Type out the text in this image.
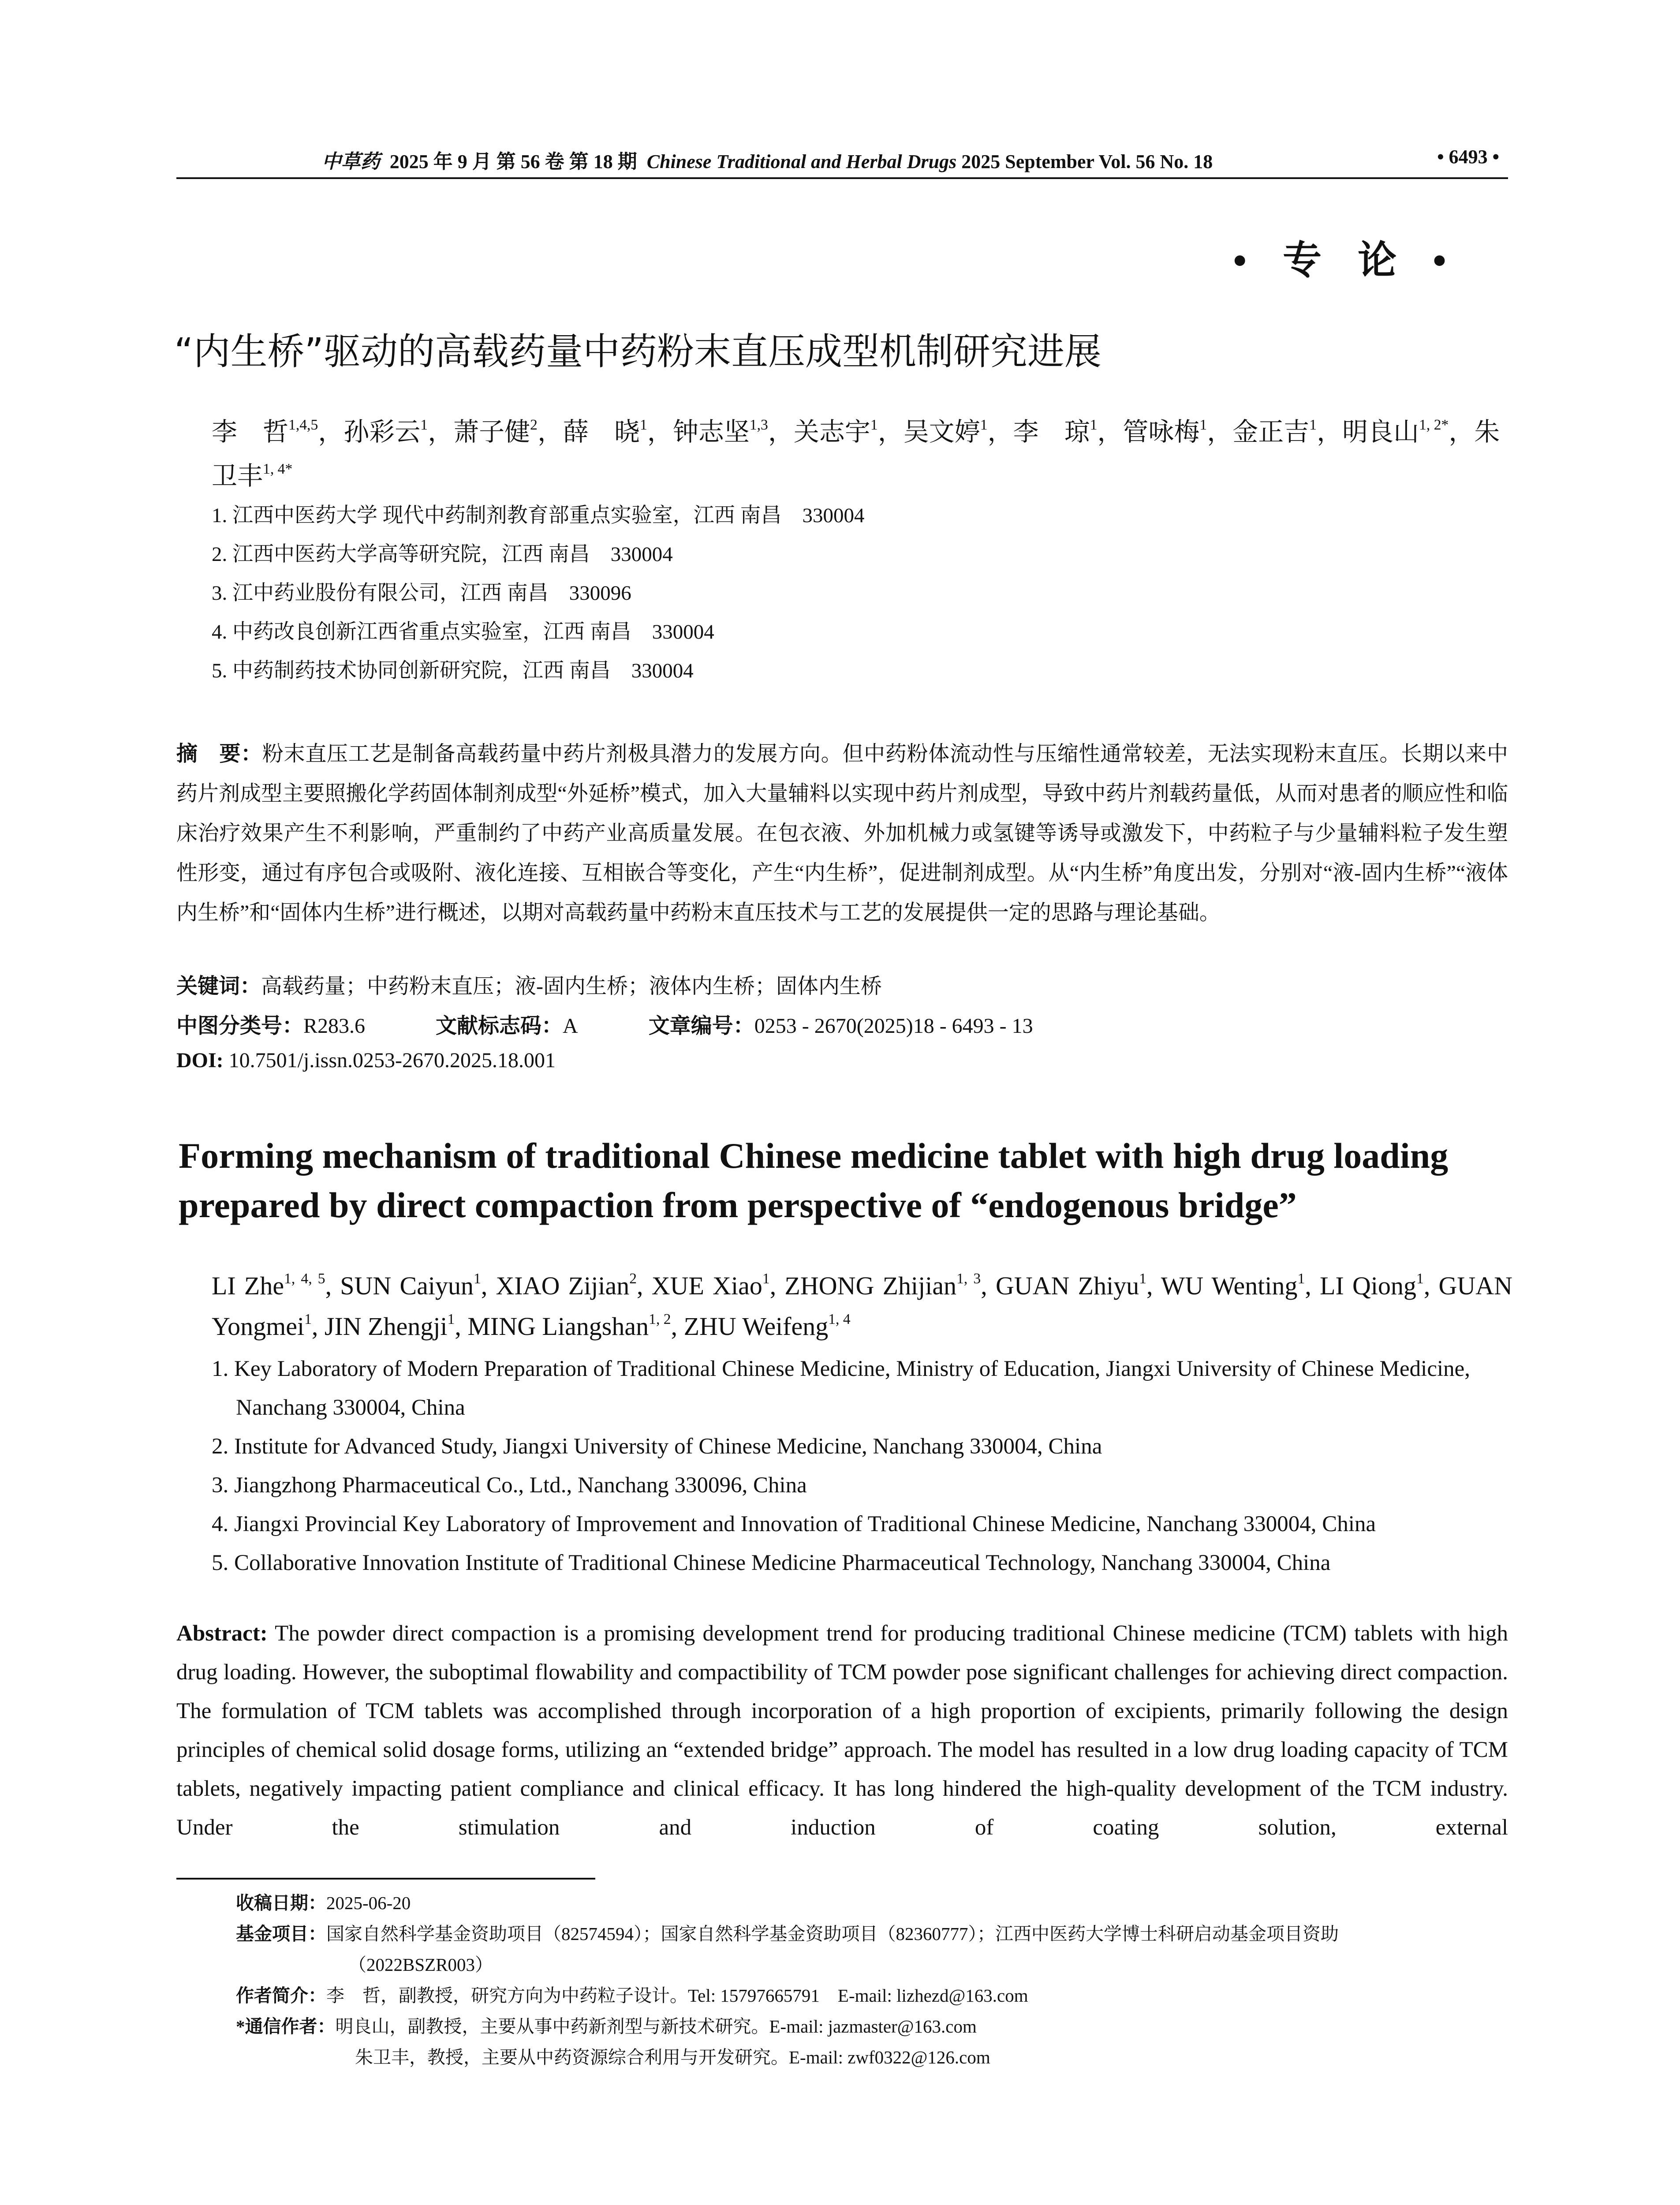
中草药 2025 年 9 月 第 56 卷 第 18 期 Chinese Traditional and Herbal Drugs 2025 September Vol. 56 No. 18	• 6493 •
• 专 论 •
“内生桥”驱动的高载药量中药粉末直压成型机制研究进展
李　哲$^{1,4,5}$，孙彩云$^1$，萧子健$^2$，薛　晓$^1$，钟志坚$^{1,3}$，关志宇$^1$，吴文婷$^1$，李　琼$^1$，管咏梅$^1$，金正吉$^1$，明良山$^{1, 2*}$，朱卫丰$^{1, 4*}$
1. 江西中医药大学 现代中药制剂教育部重点实验室，江西 南昌　330004
2. 江西中医药大学高等研究院，江西 南昌　330004
3. 江中药业股份有限公司，江西 南昌　330096
4. 中药改良创新江西省重点实验室，江西 南昌　330004
5. 中药制药技术协同创新研究院，江西 南昌　330004
摘　要：粉末直压工艺是制备高载药量中药片剂极具潜力的发展方向。但中药粉体流动性与压缩性通常较差，无法实现粉末直压。长期以来中药片剂成型主要照搬化学药固体制剂成型“外延桥”模式，加入大量辅料以实现中药片剂成型，导致中药片剂载药量低，从而对患者的顺应性和临床治疗效果产生不利影响，严重制约了中药产业高质量发展。在包衣液、外加机械力或氢键等诱导或激发下，中药粒子与少量辅料粒子发生塑性形变，通过有序包合或吸附、液化连接、互相嵌合等变化，产生“内生桥”，促进制剂成型。从“内生桥”角度出发，分别对“液-固内生桥”“液体内生桥”和“固体内生桥”进行概述，以期对高载药量中药粉末直压技术与工艺的发展提供一定的思路与理论基础。
关键词：高载药量；中药粉末直压；液-固内生桥；液体内生桥；固体内生桥
中图分类号：R283.6	文献标志码：A	文章编号：0253 - 2670(2025)18 - 6493 - 13
DOI: 10.7501/j.issn.0253-2670.2025.18.001
Forming mechanism of traditional Chinese medicine tablet with high drug loading prepared by direct compaction from perspective of “endogenous bridge”
LI Zhe$^{1, 4, 5}$, SUN Caiyun$^1$, XIAO Zijian$^2$, XUE Xiao$^1$, ZHONG Zhijian$^{1, 3}$, GUAN Zhiyu$^1$, WU Wenting$^1$, LI Qiong$^1$, GUAN Yongmei$^1$, JIN Zhengji$^1$, MING Liangshan$^{1, 2}$, ZHU Weifeng$^{1, 4}$
1. Key Laboratory of Modern Preparation of Traditional Chinese Medicine, Ministry of Education, Jiangxi University of Chinese Medicine, Nanchang 330004, China
2. Institute for Advanced Study, Jiangxi University of Chinese Medicine, Nanchang 330004, China
3. Jiangzhong Pharmaceutical Co., Ltd., Nanchang 330096, China
4. Jiangxi Provincial Key Laboratory of Improvement and Innovation of Traditional Chinese Medicine, Nanchang 330004, China
5. Collaborative Innovation Institute of Traditional Chinese Medicine Pharmaceutical Technology, Nanchang 330004, China
Abstract: The powder direct compaction is a promising development trend for producing traditional Chinese medicine (TCM) tablets with high drug loading. However, the suboptimal flowability and compactibility of TCM powder pose significant challenges for achieving direct compaction. The formulation of TCM tablets was accomplished through incorporation of a high proportion of excipients, primarily following the design principles of chemical solid dosage forms, utilizing an “extended bridge” approach. The model has resulted in a low drug loading capacity of TCM tablets, negatively impacting patient compliance and clinical efficacy. It has long hindered the high-quality development of the TCM industry. Under the stimulation and induction of coating solution, external
收稿日期： 2025-06-20
基金项目： 国家自然科学基金资助项目（82574594）；国家自然科学基金资助项目（82360777）；江西中医药大学博士科研启动基金项目资助
（2022BSZR003）
作者简介： 李　哲，副教授，研究方向为中药粒子设计。Tel: 15797665791　E-mail: lizhezd@163.com
*通信作者： 明良山，副教授，主要从事中药新剂型与新技术研究。E-mail: jazmaster@163.com
朱卫丰，教授，主要从中药资源综合利用与开发研究。E-mail: zwf0322@126.com
